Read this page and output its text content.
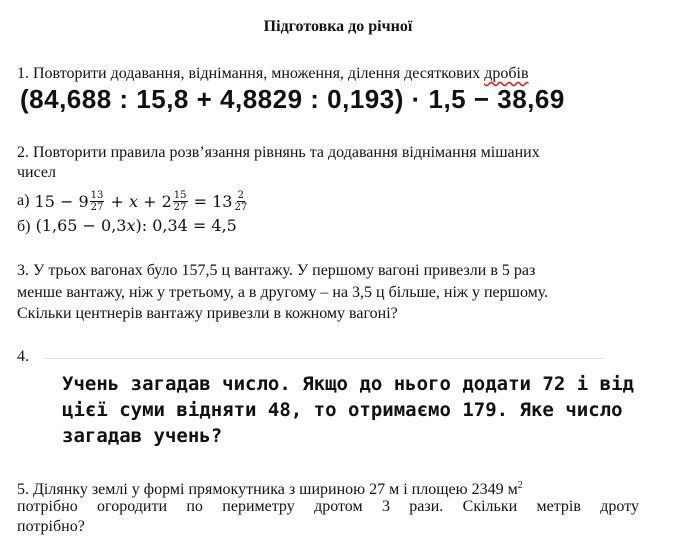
Підготовка до річної
1. Повторити додавання, віднімання, множення, ділення десяткових дробів
(84,688 : 15,8 + 4,8829 : 0,193) · 1,5 − 38,69
2. Повторити правила розв’язання рівнянь та додавання віднімання мішаних
чисел
а)
$15 - 9 \frac{13}{27}$
+
x
+ $2 \frac{15}{27}$
= $13 \frac{2}{27}$
б) (1,65 − 0,3x): 0,34 = 4,5
3. У трьох вагонах було 157,5 ц вантажу. У першому вагоні привезли в 5 раз
менше вантажу, ніж у третьому, а в другому – на 3,5 ц більше, ніж у першому.
Скільки центнерів вантажу привезли в кожному вагоні?
4.
Учень загадав число. Якщо до нього додати 72 і від
цієї суми відняти 48, то отримаємо 179. Яке число
загадав учень?
5. Ділянку землі у формі прямокутника з шириною 27 м і площею 2349 $м^2$
потрібно огородити по периметру дротом 3 рази. Скільки метрів дроту
потрібно?
